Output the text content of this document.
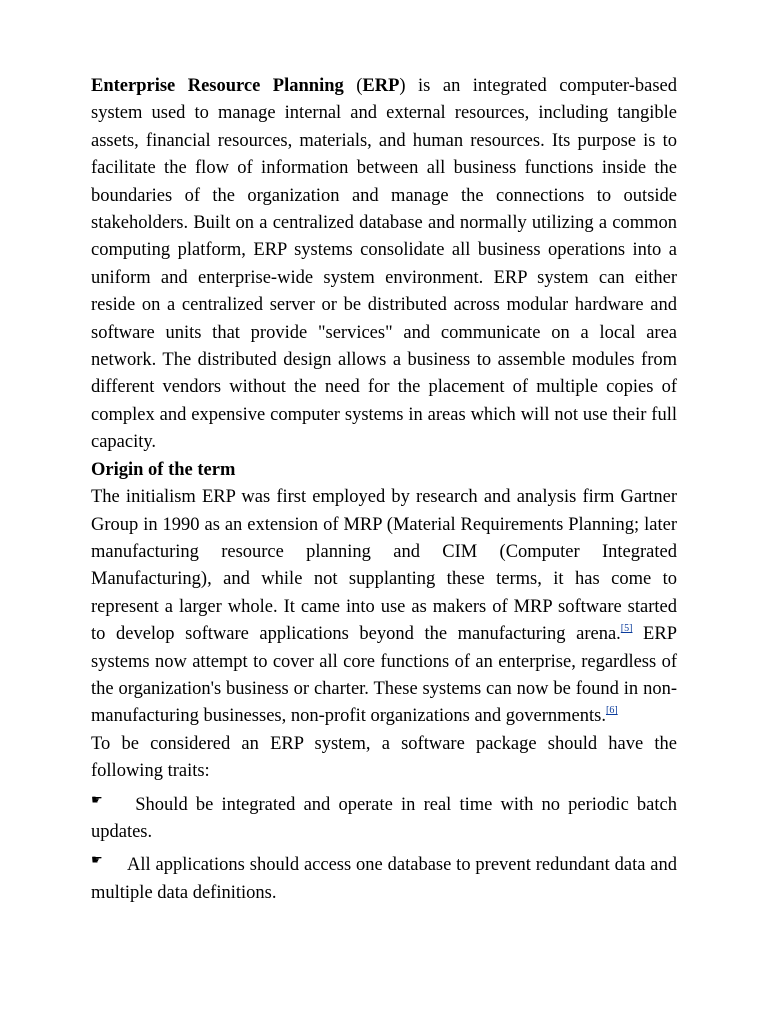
Enterprise Resource Planning (ERP) is an integrated computer-based system used to manage internal and external resources, including tangible assets, financial resources, materials, and human resources. Its purpose is to facilitate the flow of information between all business functions inside the boundaries of the organization and manage the connections to outside stakeholders. Built on a centralized database and normally utilizing a common computing platform, ERP systems consolidate all business operations into a uniform and enterprise-wide system environment. ERP system can either reside on a centralized server or be distributed across modular hardware and software units that provide "services" and communicate on a local area network. The distributed design allows a business to assemble modules from different vendors without the need for the placement of multiple copies of complex and expensive computer systems in areas which will not use their full capacity.

Origin of the term

The initialism ERP was first employed by research and analysis firm Gartner Group in 1990 as an extension of MRP (Material Requirements Planning; later manufacturing resource planning and CIM (Computer Integrated Manufacturing), and while not supplanting these terms, it has come to represent a larger whole. It came into use as makers of MRP software started to develop software applications beyond the manufacturing arena.[5] ERP systems now attempt to cover all core functions of an enterprise, regardless of the organization's business or charter. These systems can now be found in non-manufacturing businesses, non-profit organizations and governments.[6]

To be considered an ERP system, a software package should have the following traits:

☛ Should be integrated and operate in real time with no periodic batch updates.

☛ All applications should access one database to prevent redundant data and multiple data definitions.
